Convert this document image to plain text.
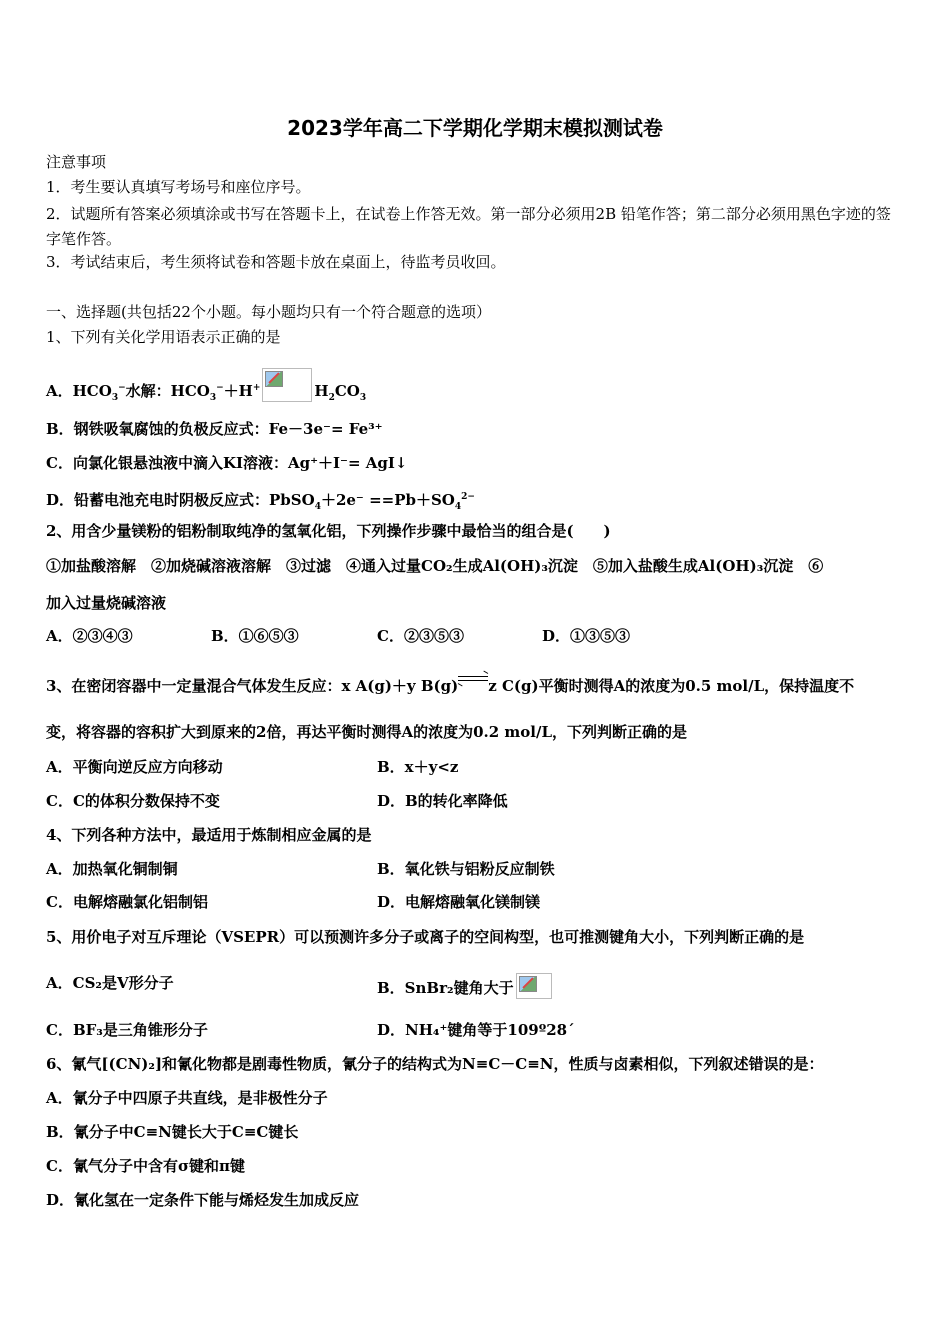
2023学年高二下学期化学期末模拟测试卷
注意事项
1．考生要认真填写考场号和座位序号。
2．试题所有答案必须填涂或书写在答题卡上，在试卷上作答无效。第一部分必须用2B 铅笔作答；第二部分必须用黑色字迹的签字笔作答。
3．考试结束后，考生须将试卷和答题卡放在桌面上，待监考员收回。
一、选择题(共包括22个小题。每小题均只有一个符合题意的选项）
1、下列有关化学用语表示正确的是
A．$HCO_3^-$水解：$HCO_3^-+H^+$	$H_2CO_3$
B．钢铁吸氧腐蚀的负极反应式：Fe－3e⁻= Fe³⁺
C．向氯化银悬浊液中滴入KI溶液：Ag⁺＋I⁻= AgI↓
D．铅蓄电池充电时阴极反应式：PbSO$_4$＋2e⁻ $==Pb+SO_4^{2-}$
2、用含少量镁粉的铝粉制取纯净的氢氧化铝，下列操作步骤中最恰当的组合是(　　)
①加盐酸溶解　②加烧碱溶液溶解　③过滤　④通入过量CO₂生成Al(OH)₃沉淀　⑤加入盐酸生成Al(OH)₃沉淀　⑥
加入过量烧碱溶液
A．②③④③	B．①⑥⑤③	C．②③⑤③	D．①③⑤③
3、在密闭容器中一定量混合气体发生反应：x A(g)＋y B(g) z C(g)平衡时测得A的浓度为0.5 mol/L，保持温度不
变，将容器的容积扩大到原来的2倍，再达平衡时测得A的浓度为0.2 mol/L，下列判断正确的是
A．平衡向逆反应方向移动	B．x＋y<z
C．C的体积分数保持不变	D．B的转化率降低
4、下列各种方法中，最适用于炼制相应金属的是
A．加热氧化铜制铜	B．氧化铁与铝粉反应制铁
C．电解熔融氯化铝制铝	D．电解熔融氧化镁制镁
5、用价电子对互斥理论（VSEPR）可以预测许多分子或离子的空间构型，也可推测键角大小，下列判断正确的是
A．CS₂是V形分子	B．SnBr₂键角大于
C．BF₃是三角锥形分子	D．NH₄⁺键角等于109º28´
6、氰气[(CN)₂]和氰化物都是剧毒性物质，氰分子的结构式为N≡C－C≡N，性质与卤素相似，下列叙述错误的是：
A．氰分子中四原子共直线，是非极性分子
B．氰分子中C≡N键长大于C≡C键长
C．氰气分子中含有σ键和π键
D．氰化氢在一定条件下能与烯烃发生加成反应
